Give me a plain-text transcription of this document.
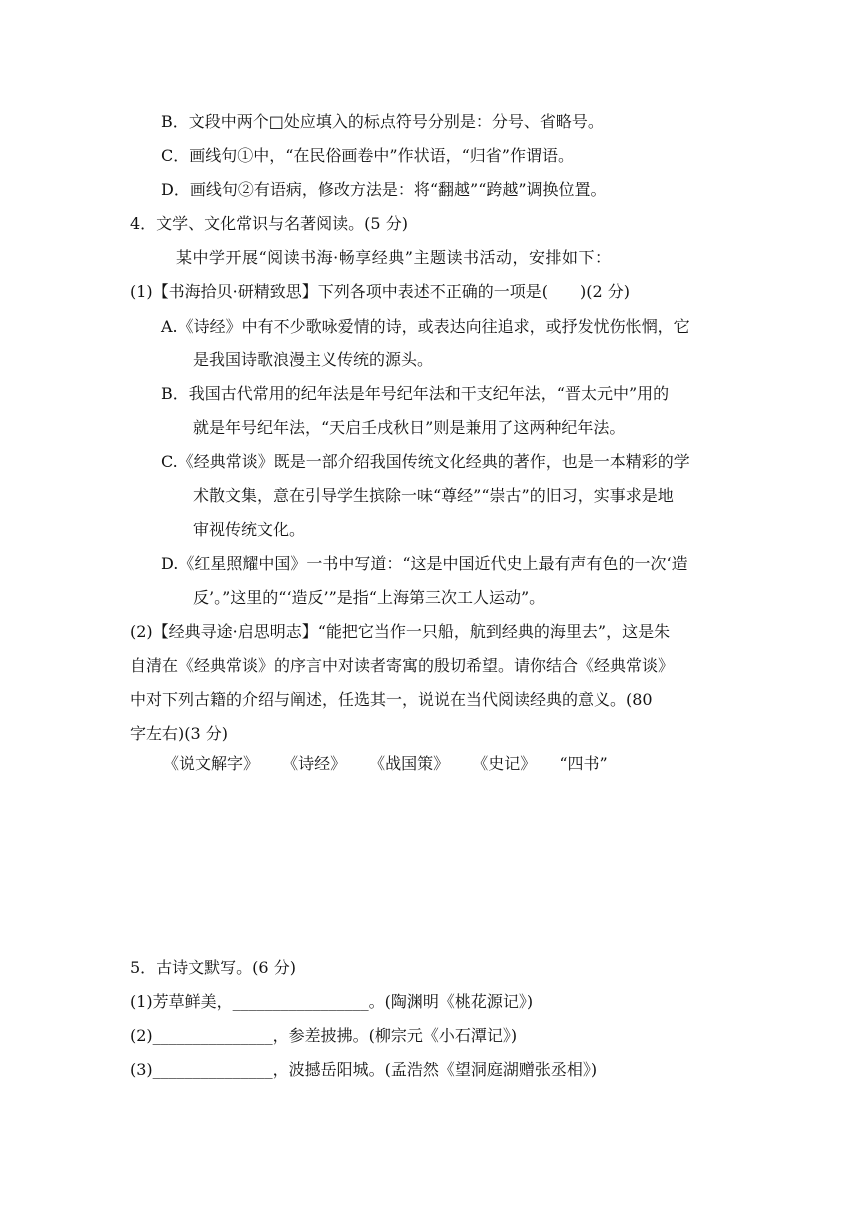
B．文段中两个□处应填入的标点符号分别是：分号、省略号。
C．画线句①中，“在民俗画卷中”作状语，“归省”作谓语。
D．画线句②有语病，修改方法是：将“翻越”“跨越”调换位置。
4．文学、文化常识与名著阅读。(5 分)
某中学开展“阅读书海·畅享经典”主题读书活动，安排如下：
(1)【书海拾贝·研精致思】下列各项中表述不正确的一项是(　　)(2 分)
A.《诗经》中有不少歌咏爱情的诗，或表达向往追求，或抒发忧伤怅惘，它
是我国诗歌浪漫主义传统的源头。
B．我国古代常用的纪年法是年号纪年法和干支纪年法，“晋太元中”用的
就是年号纪年法，“天启壬戌秋日”则是兼用了这两种纪年法。
C.《经典常谈》既是一部介绍我国传统文化经典的著作，也是一本精彩的学
术散文集，意在引导学生摈除一味“尊经”“崇古”的旧习，实事求是地
审视传统文化。
D.《红星照耀中国》一书中写道：“这是中国近代史上最有声有色的一次‘造
反’。”这里的“‘造反’”是指“上海第三次工人运动”。
(2)【经典寻途·启思明志】“能把它当作一只船，航到经典的海里去”，这是朱
自清在《经典常谈》的序言中对读者寄寓的殷切希望。请你结合《经典常谈》
中对下列古籍的介绍与阐述，任选其一，说说在当代阅读经典的意义。(80
字左右)(3 分)
《说文解字》 《诗经》 《战国策》 《史记》 “四书”
5．古诗文默写。(6 分)
(1)芳草鲜美，_________________。(陶渊明《桃花源记》)
(2)_______________，参差披拂。(柳宗元《小石潭记》)
(3)_______________，波撼岳阳城。(孟浩然《望洞庭湖赠张丞相》)
